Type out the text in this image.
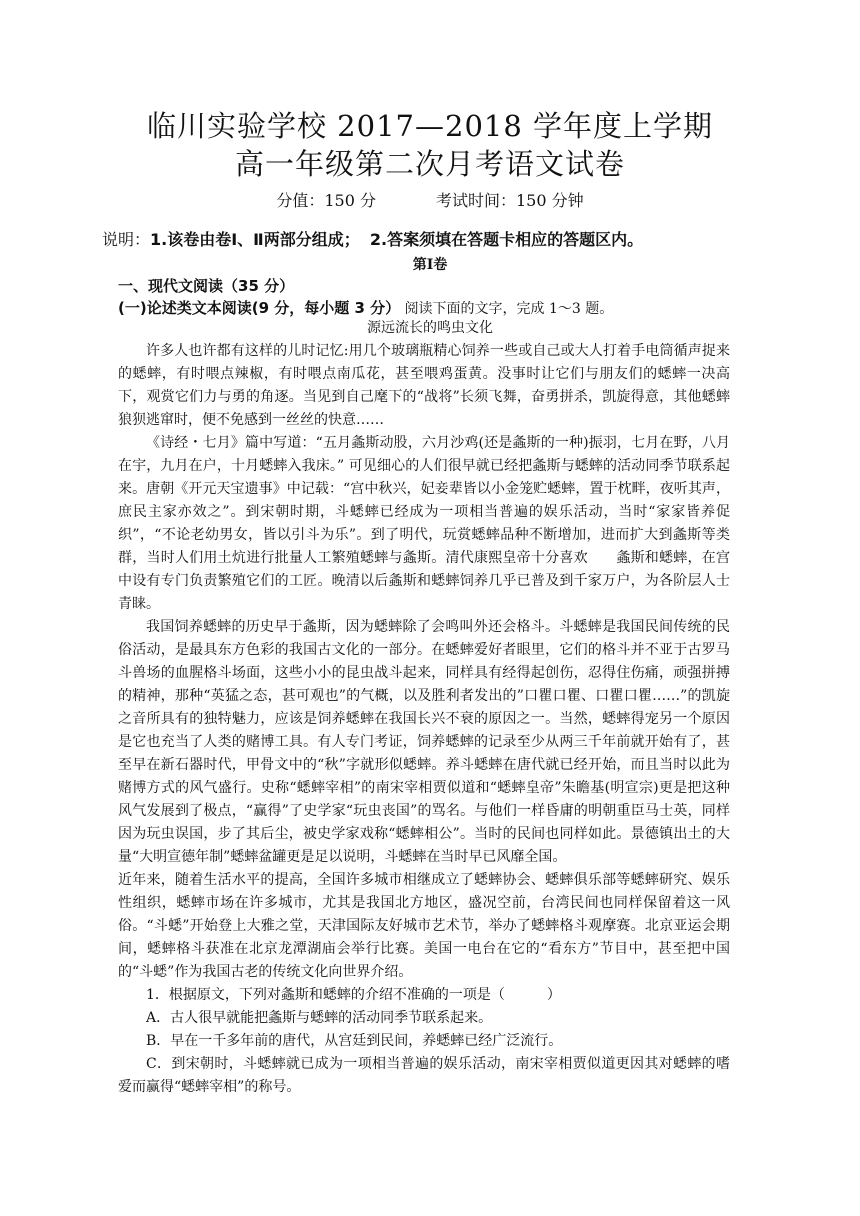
临川实验学校 2017—2018 学年度上学期
高一年级第二次月考语文试卷
分值：150 分	考试时间：150 分钟
说明：1.该卷由卷Ⅰ、Ⅱ两部分组成； 2.答案须填在答题卡相应的答题区内。
第Ⅰ卷
一、现代文阅读（35 分）
(一)论述类文本阅读(9 分，每小题 3 分） 阅读下面的文字，完成 1～3 题。
源远流长的鸣虫文化

许多人也许都有这样的儿时记忆:用几个玻璃瓶精心饲养一些或自己或大人打着手电筒循声捉来的蟋蟀，有时喂点辣椒，有时喂点南瓜花，甚至喂鸡蛋黄。没事时让它们与朋友们的蟋蟀一决高下，观赏它们力与勇的角逐。当见到自己麾下的“战将”长须飞舞，奋勇拼杀，凯旋得意，其他蟋蟀狼狈逃窜时，便不免感到一丝丝的快意……

《诗经・七月》篇中写道：“五月螽斯动股，六月沙鸡(还是螽斯的一种)振羽，七月在野，八月在宇，九月在户，十月蟋蟀入我床。” 可见细心的人们很早就已经把螽斯与蟋蟀的活动同季节联系起来。唐朝《开元天宝遗事》中记载：“宫中秋兴，妃妾辈皆以小金笼贮蟋蟀，置于枕畔，夜听其声，庶民主家亦效之”。到宋朝时期，斗蟋蟀已经成为一项相当普遍的娱乐活动，当时“家家皆养促织”，“不论老幼男女，皆以引斗为乐”。到了明代，玩赏蟋蟀品种不断增加，进而扩大到螽斯等类群，当时人们用土炕进行批量人工繁殖蟋蟀与螽斯。清代康熙皇帝十分喜欢　　螽斯和蟋蟀，在宫中设有专门负责繁殖它们的工匠。晚清以后螽斯和蟋蟀饲养几乎已普及到千家万户，为各阶层人士青睐。

我国饲养蟋蟀的历史早于螽斯，因为蟋蟀除了会鸣叫外还会格斗。斗蟋蟀是我国民间传统的民俗活动，是最具东方色彩的我国古文化的一部分。在蟋蟀爱好者眼里，它们的格斗并不亚于古罗马斗兽场的血腥格斗场面，这些小小的昆虫战斗起来，同样具有经得起创伤，忍得住伤痛，顽强拼搏的精神，那种“英猛之态，甚可观也”的气概，以及胜利者发出的”口瞿口瞿、口瞿口瞿……”的凯旋之音所具有的独特魅力，应该是饲养蟋蟀在我国长兴不衰的原因之一。当然，蟋蟀得宠另一个原因是它也充当了人类的赌博工具。有人专门考证，饲养蟋蟀的记录至少从两三千年前就开始有了，甚至早在新石器时代，甲骨文中的“秋”字就形似蟋蟀。养斗蟋蟀在唐代就已经开始，而且当时以此为赌博方式的风气盛行。史称“蟋蟀宰相”的南宋宰相贾似道和“蟋蟀皇帝”朱瞻基(明宣宗)更是把这种风气发展到了极点，“赢得”了史学家“玩虫丧国”的骂名。与他们一样昏庸的明朝重臣马士英，同样因为玩虫误国，步了其后尘，被史学家戏称“蟋蟀相公”。当时的民间也同样如此。景德镇出土的大量“大明宣德年制”蟋蟀盆罐更是足以说明，斗蟋蟀在当时早已风靡全国。

近年来，随着生活水平的提高，全国许多城市相继成立了蟋蟀协会、蟋蟀俱乐部等蟋蟀研究、娱乐性组织，蟋蟀市场在许多城市，尤其是我国北方地区，盛况空前，台湾民间也同样保留着这一风俗。“斗蟋”开始登上大雅之堂，天津国际友好城市艺术节，举办了蟋蟀格斗观摩赛。北京亚运会期间，蟋蟀格斗获准在北京龙潭湖庙会举行比赛。美国一电台在它的“看东方”节目中，甚至把中国的“斗蟋”作为我国古老的传统文化向世界介绍。

1．根据原文，下列对螽斯和蟋蟀的介绍不准确的一项是（　　　）

A．古人很早就能把螽斯与蟋蟀的活动同季节联系起来。

B．早在一千多年前的唐代，从宫廷到民间，养蟋蟀已经广泛流行。

C．到宋朝时，斗蟋蟀就已成为一项相当普遍的娱乐活动，南宋宰相贾似道更因其对蟋蟀的嗜爱而赢得“蟋蟀宰相”的称号。
